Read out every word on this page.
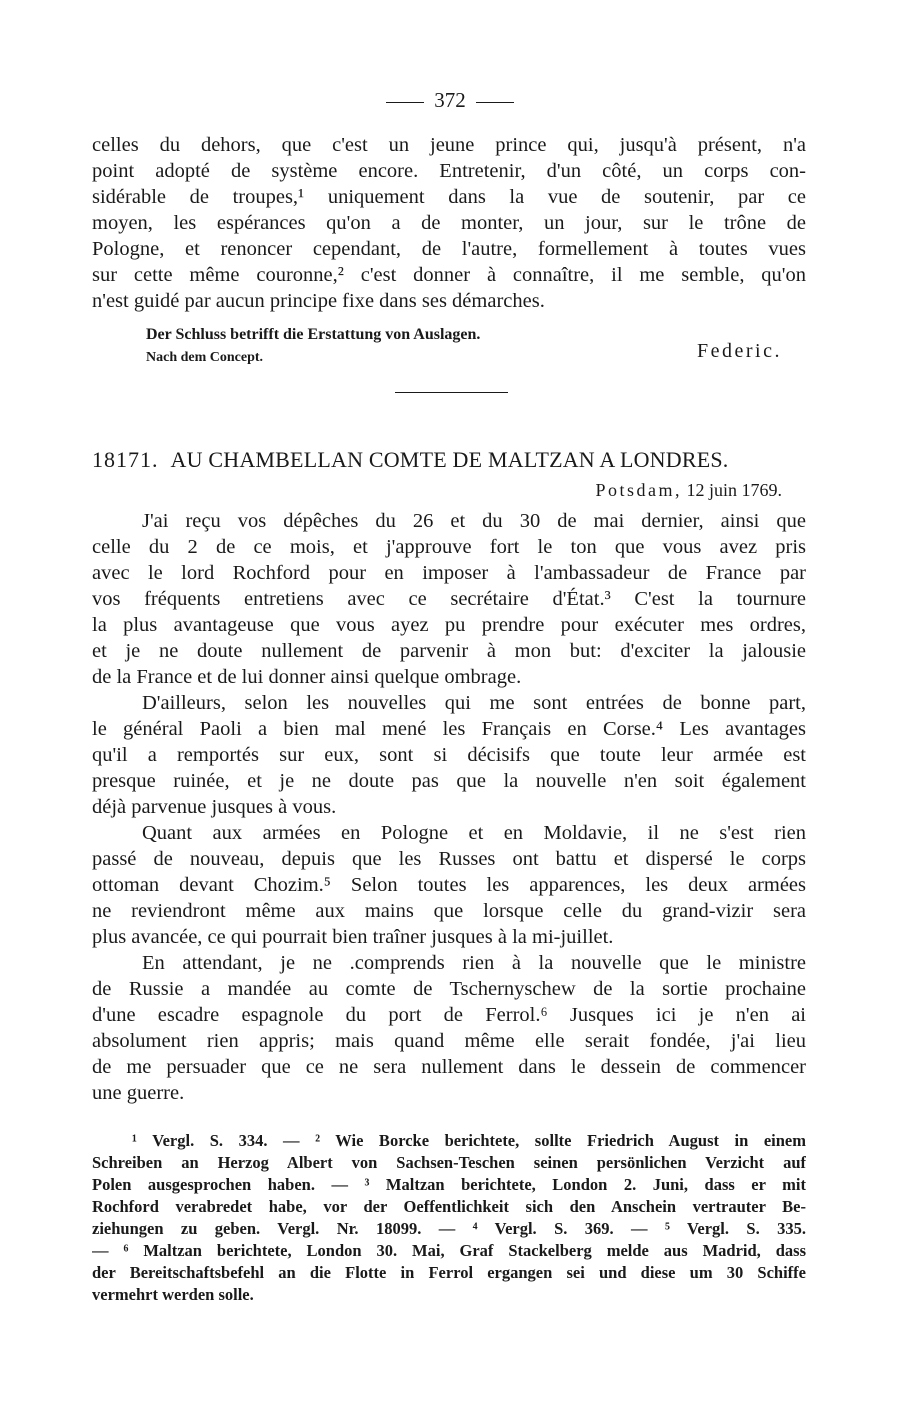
372
celles du dehors, que c'est un jeune prince qui, jusqu'à présent, n'a
point adopté de système encore. Entretenir, d'un côté, un corps con-
sidérable de troupes,¹ uniquement dans la vue de soutenir, par ce
moyen, les espérances qu'on a de monter, un jour, sur le trône de
Pologne, et renoncer cependant, de l'autre, formellement à toutes vues
sur cette même couronne,² c'est donner à connaître, il me semble, qu'on
n'est guidé par aucun principe fixe dans ses démarches.
Der Schluss betrifft die Erstattung von Auslagen.
Nach dem Concept.	Federic.
18171. AU CHAMBELLAN COMTE DE MALTZAN A LONDRES.
Potsdam, 12 juin 1769.
J'ai reçu vos dépêches du 26 et du 30 de mai dernier, ainsi que
celle du 2 de ce mois, et j'approuve fort le ton que vous avez pris
avec le lord Rochford pour en imposer à l'ambassadeur de France par
vos fréquents entretiens avec ce secrétaire d'État.³ C'est la tournure
la plus avantageuse que vous ayez pu prendre pour exécuter mes ordres,
et je ne doute nullement de parvenir à mon but: d'exciter la jalousie
de la France et de lui donner ainsi quelque ombrage.
D'ailleurs, selon les nouvelles qui me sont entrées de bonne part,
le général Paoli a bien mal mené les Français en Corse.⁴ Les avantages
qu'il a remportés sur eux, sont si décisifs que toute leur armée est
presque ruinée, et je ne doute pas que la nouvelle n'en soit également
déjà parvenue jusques à vous.
Quant aux armées en Pologne et en Moldavie, il ne s'est rien
passé de nouveau, depuis que les Russes ont battu et dispersé le corps
ottoman devant Chozim.⁵ Selon toutes les apparences, les deux armées
ne reviendront même aux mains que lorsque celle du grand-vizir sera
plus avancée, ce qui pourrait bien traîner jusques à la mi-juillet.
En attendant, je ne .comprends rien à la nouvelle que le ministre
de Russie a mandée au comte de Tschernyschew de la sortie prochaine
d'une escadre espagnole du port de Ferrol.⁶ Jusques ici je n'en ai
absolument rien appris; mais quand même elle serait fondée, j'ai lieu
de me persuader que ce ne sera nullement dans le dessein de commencer
une guerre.
¹ Vergl. S. 334. — ² Wie Borcke berichtete, sollte Friedrich August in einem
Schreiben an Herzog Albert von Sachsen-Teschen seinen persönlichen Verzicht auf
Polen ausgesprochen haben. — ³ Maltzan berichtete, London 2. Juni, dass er mit
Rochford verabredet habe, vor der Oeffentlichkeit sich den Anschein vertrauter Be-
ziehungen zu geben. Vergl. Nr. 18099. — ⁴ Vergl. S. 369. — ⁵ Vergl. S. 335.
— ⁶ Maltzan berichtete, London 30. Mai, Graf Stackelberg melde aus Madrid, dass
der Bereitschaftsbefehl an die Flotte in Ferrol ergangen sei und diese um 30 Schiffe
vermehrt werden solle.
